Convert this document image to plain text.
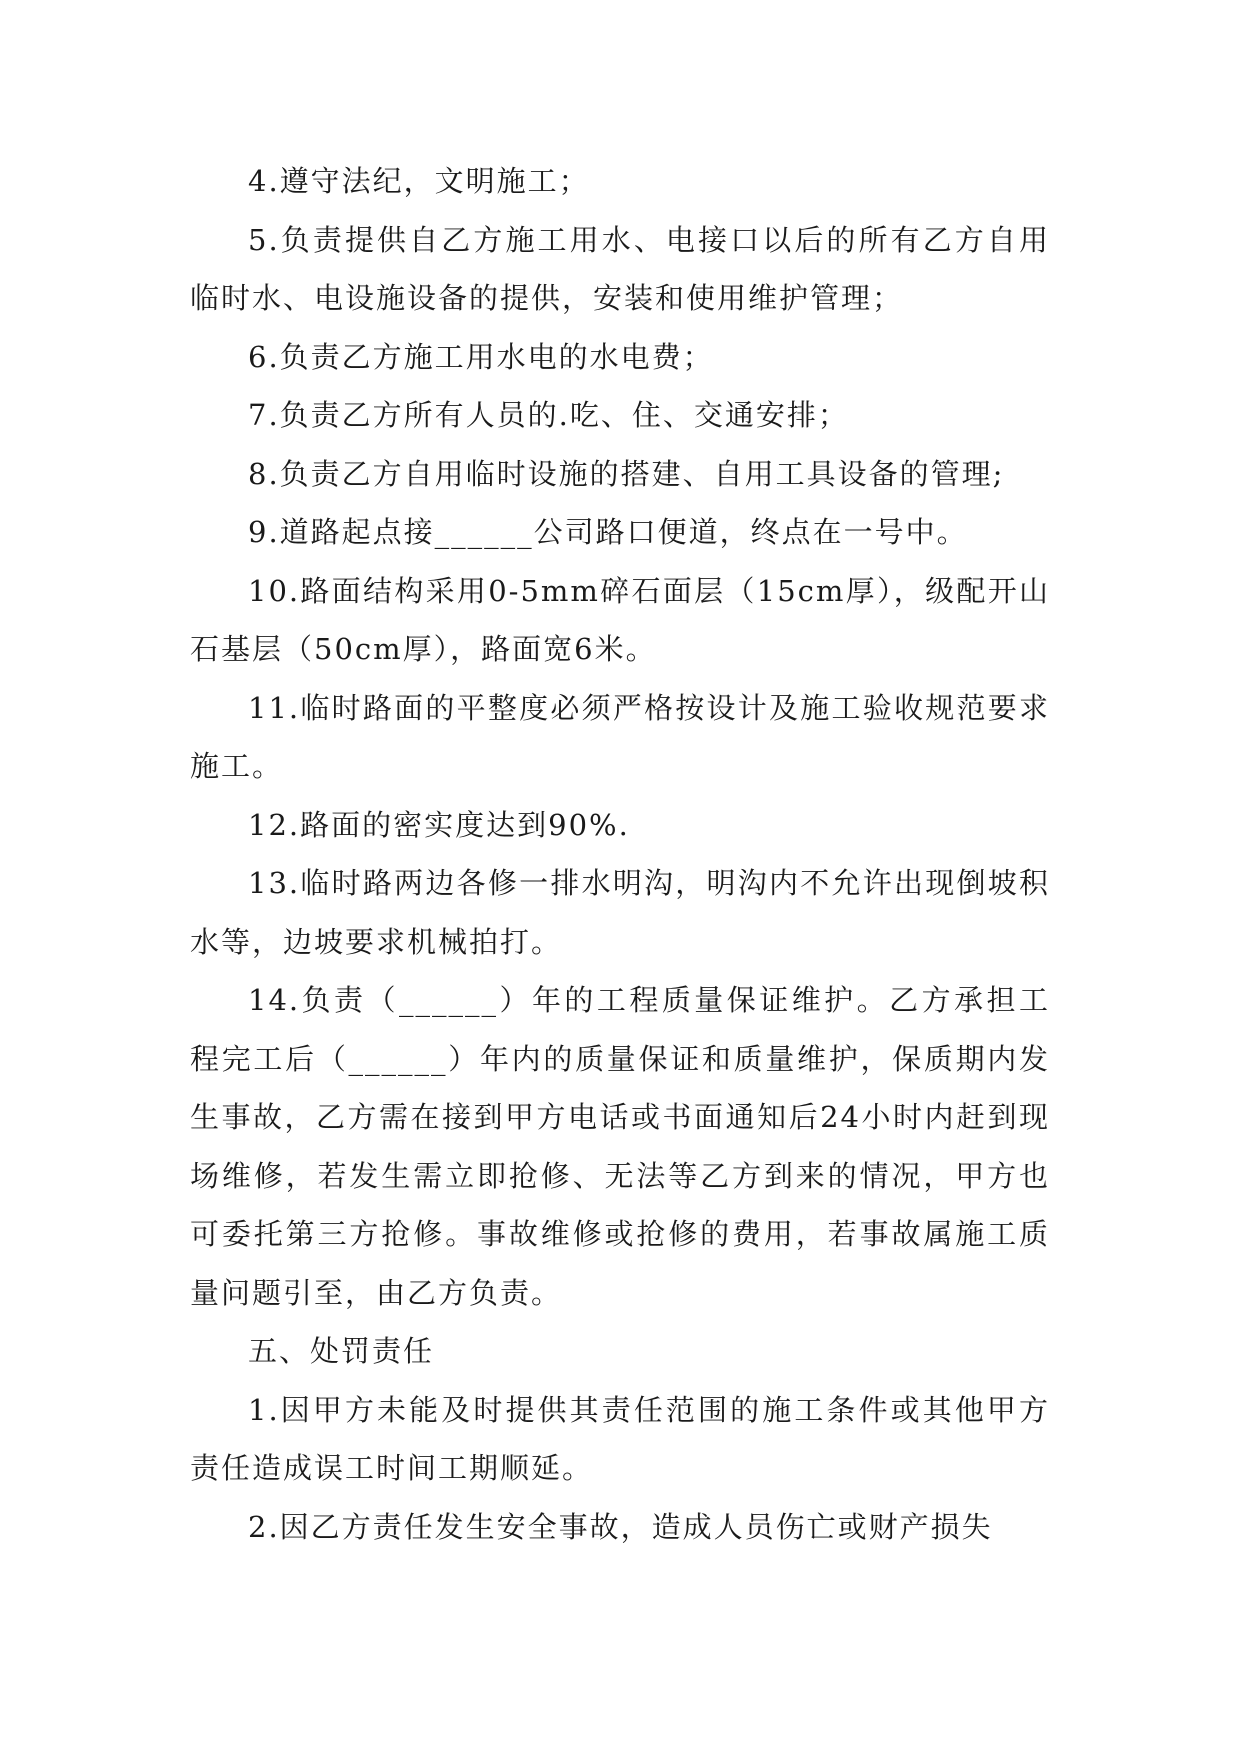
4.遵守法纪，文明施工；

5.负责提供自乙方施工用水、电接口以后的所有乙方自用临时水、电设施设备的提供，安装和使用维护管理；

6.负责乙方施工用水电的水电费；

7.负责乙方所有人员的.吃、住、交通安排；

8.负责乙方自用临时设施的搭建、自用工具设备的管理;

9.道路起点接______公司路口便道，终点在一号中。

10.路面结构采用0-5mm碎石面层（15cm厚），级配开山石基层（50cm厚），路面宽6米。

11.临时路面的平整度必须严格按设计及施工验收规范要求施工。

12.路面的密实度达到90%.

13.临时路两边各修一排水明沟，明沟内不允许出现倒坡积水等，边坡要求机械拍打。

14.负责（______）年的工程质量保证维护。乙方承担工程完工后（______）年内的质量保证和质量维护，保质期内发生事故，乙方需在接到甲方电话或书面通知后24小时内赶到现场维修，若发生需立即抢修、无法等乙方到来的情况，甲方也可委托第三方抢修。事故维修或抢修的费用，若事故属施工质量问题引至，由乙方负责。

五、处罚责任

1.因甲方未能及时提供其责任范围的施工条件或其他甲方责任造成误工时间工期顺延。

2.因乙方责任发生安全事故，造成人员伤亡或财产损失
